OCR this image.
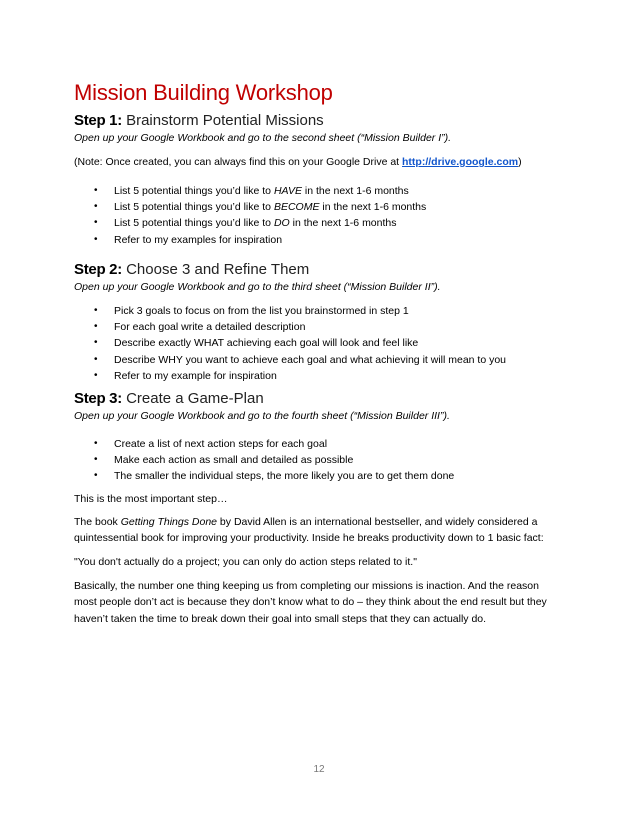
Mission Building Workshop
Step 1: Brainstorm Potential Missions
Open up your Google Workbook and go to the second sheet (“Mission Builder I”).
(Note: Once created, you can always find this on your Google Drive at http://drive.google.com)
• List 5 potential things you’d like to HAVE in the next 1-6 months
• List 5 potential things you’d like to BECOME in the next 1-6 months
• List 5 potential things you’d like to DO in the next 1-6 months
• Refer to my examples for inspiration
Step 2: Choose 3 and Refine Them
Open up your Google Workbook and go to the third sheet (“Mission Builder II”).
• Pick 3 goals to focus on from the list you brainstormed in step 1
• For each goal write a detailed description
• Describe exactly WHAT achieving each goal will look and feel like
• Describe WHY you want to achieve each goal and what achieving it will mean to you
• Refer to my example for inspiration
Step 3: Create a Game-Plan
Open up your Google Workbook and go to the fourth sheet (“Mission Builder III”).
• Create a list of next action steps for each goal
• Make each action as small and detailed as possible
• The smaller the individual steps, the more likely you are to get them done

This is the most important step…

The book Getting Things Done by David Allen is an international bestseller, and widely considered a quintessential book for improving your productivity. Inside he breaks productivity down to 1 basic fact:

"You don't actually do a project; you can only do action steps related to it."

Basically, the number one thing keeping us from completing our missions is inaction. And the reason most people don’t act is because they don’t know what to do – they think about the end result but they haven’t taken the time to break down their goal into small steps that they can actually do.

12
